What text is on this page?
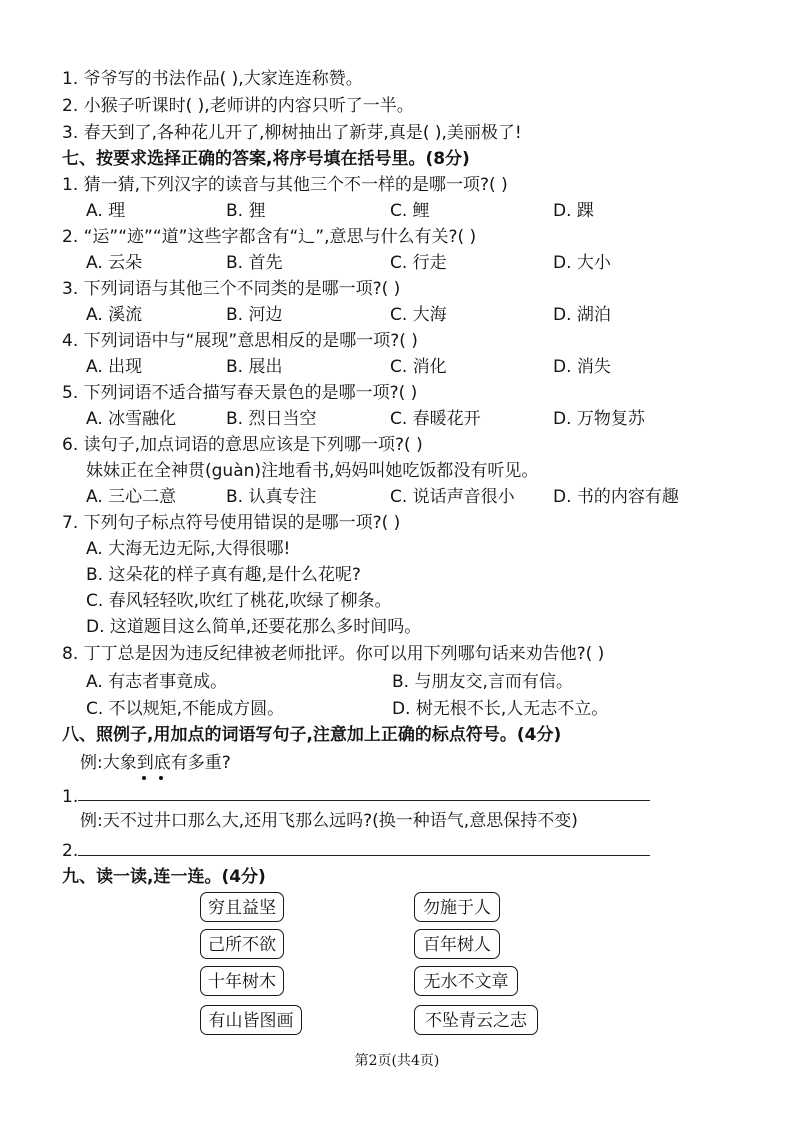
1. 爷爷写的书法作品( ),大家连连称赞。
2. 小猴子听课时( ),老师讲的内容只听了一半。
3. 春天到了,各种花儿开了,柳树抽出了新芽,真是( ),美丽极了!
七、按要求选择正确的答案,将序号填在括号里。(8分)
1. 猜一猜,下列汉字的读音与其他三个不一样的是哪一项?( )
A. 理	B. 狸	C. 鲤	D. 踝
2. “运”“迹”“道”这些字都含有“辶”,意思与什么有关?( )
A. 云朵	B. 首先	C. 行走	D. 大小
3. 下列词语与其他三个不同类的是哪一项?( )
A. 溪流	B. 河边	C. 大海	D. 湖泊
4. 下列词语中与“展现”意思相反的是哪一项?( )
A. 出现	B. 展出	C. 消化	D. 消失
5. 下列词语不适合描写春天景色的是哪一项?( )
A. 冰雪融化	B. 烈日当空	C. 春暖花开	D. 万物复苏
6. 读句子,加点词语的意思应该是下列哪一项?( )
妹妹正在全神贯(guàn)注地看书,妈妈叫她吃饭都没有听见。
A. 三心二意	B. 认真专注	C. 说话声音很小 D. 书的内容有趣
7. 下列句子标点符号使用错误的是哪一项?( )
A. 大海无边无际,大得很哪!
B. 这朵花的样子真有趣,是什么花呢?
C. 春风轻轻吹,吹红了桃花,吹绿了柳条。
D. 这道题目这么简单,还要花那么多时间吗。
8. 丁丁总是因为违反纪律被老师批评。你可以用下列哪句话来劝告他?( )
A. 有志者事竟成。	B. 与朋友交,言而有信。
C. 不以规矩,不能成方圆。	D. 树无根不长,人无志不立。
八、照例子,用加点的词语写句子,注意加上正确的标点符号。(4分)
例:大象到底有多重?
1.
例:天不过井口那么大,还用飞那么远吗?(换一种语气,意思保持不变)
2.
九、读一读,连一连。(4分)
穷且益坚
己所不欲
十年树木
有山皆图画
勿施于人
百年树人
无水不文章
不坠青云之志
第2页(共4页)
